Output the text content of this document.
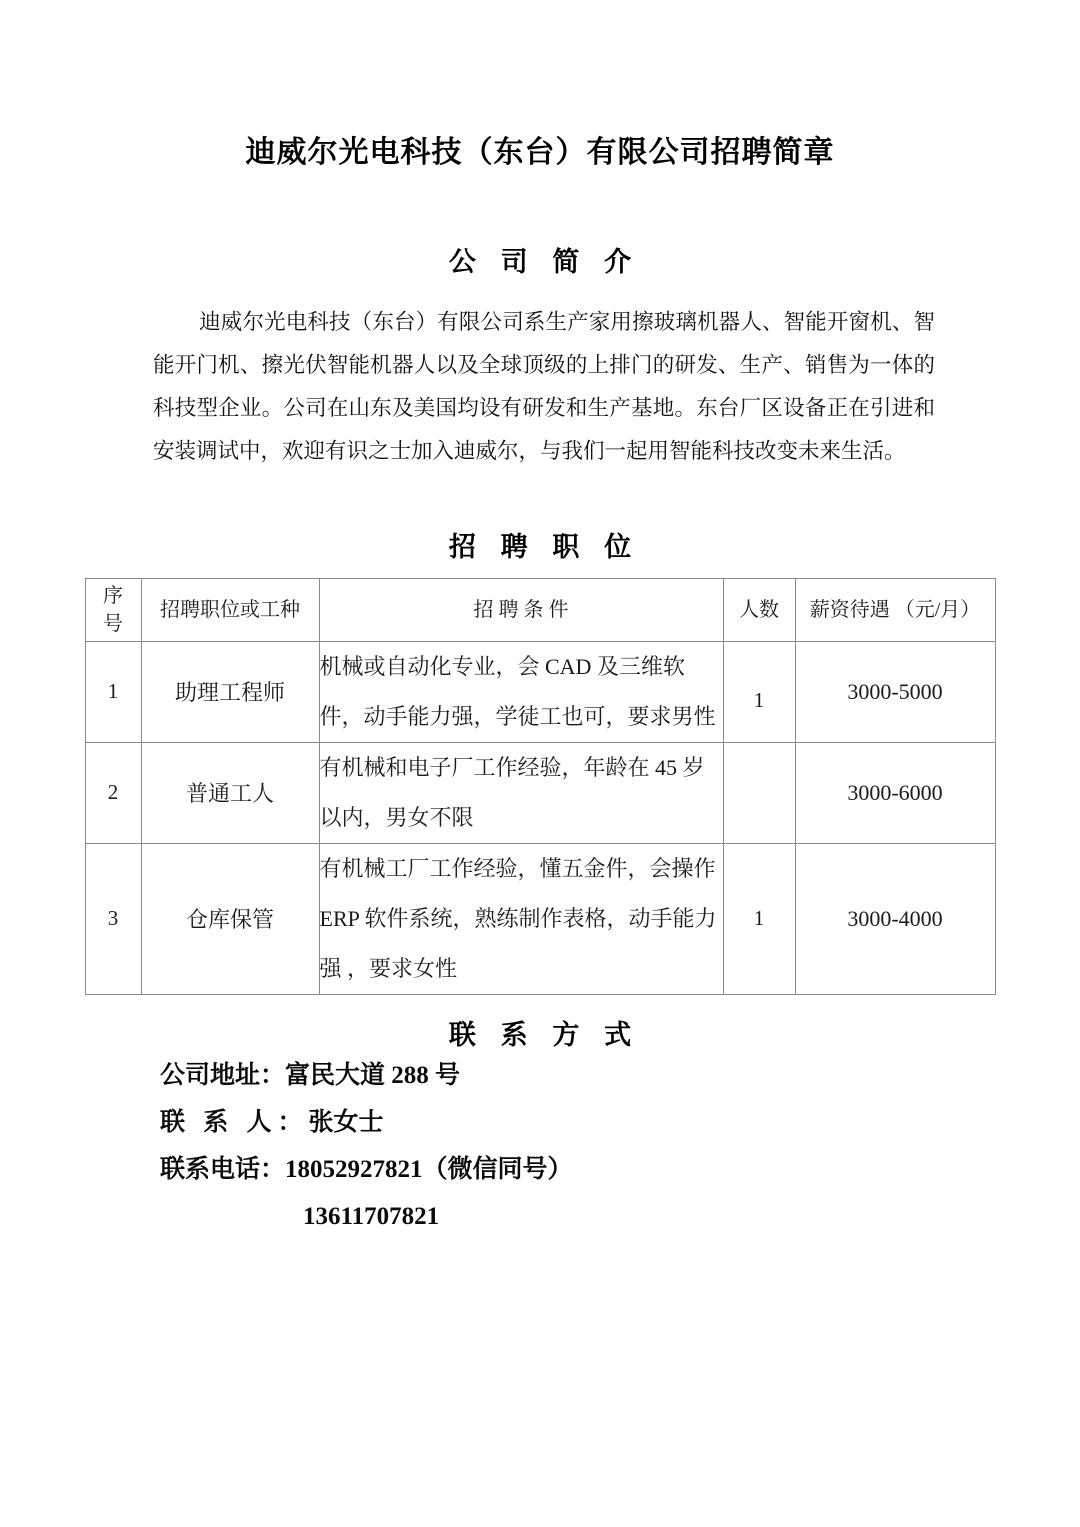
迪威尔光电科技（东台）有限公司招聘简章
公 司 简 介

迪威尔光电科技（东台）有限公司系生产家用擦玻璃机器人、智能开窗机、智能开门机、擦光伏智能机器人以及全球顶级的上排门的研发、生产、销售为一体的科技型企业。公司在山东及美国均设有研发和生产基地。东台厂区设备正在引进和安装调试中，欢迎有识之士加入迪威尔，与我们一起用智能科技改变未来生活。

招 聘 职 位
序
号	招聘职位或工种	招 聘 条 件	人数	薪资待遇 （元/月）
1	助理工程师	机械或自动化专业，会 CAD 及三维软件，动手能力强，学徒工也可，要求男性	1	3000-5000
2	普通工人	有机械和电子厂工作经验，年龄在 45 岁以内，男女不限		3000-6000
3	仓库保管	有机械工厂工作经验，懂五金件，会操作 ERP 软件系统，熟练制作表格，动手能力强 ，要求女性	1	3000-4000
联 系 方 式
公司地址：富民大道 288 号
联 系 人：张女士
联系电话：18052927821（微信同号）
13611707821
